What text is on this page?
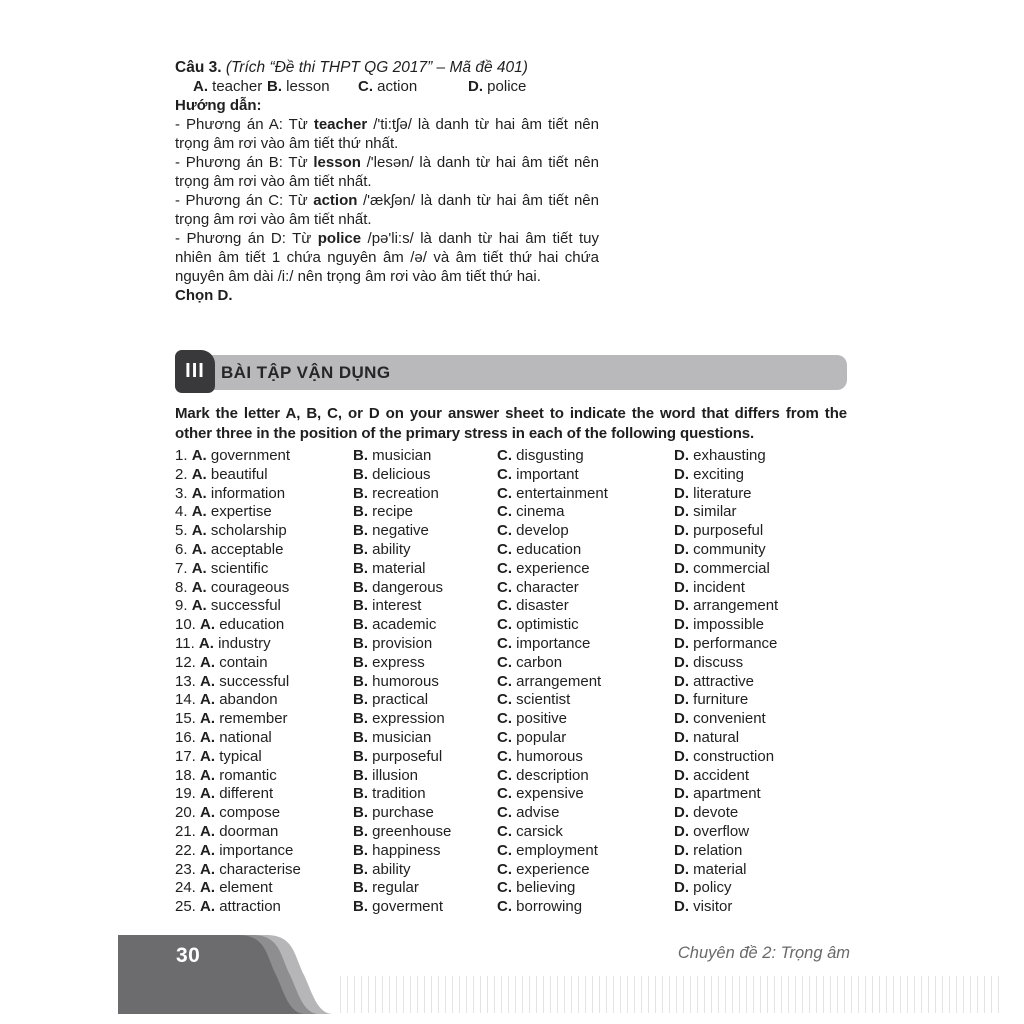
Câu 3. (Trích “Đề thi THPT QG 2017” – Mã đề 401)

A. teacher B. lesson C. action	D. police

Hướng dẫn:

- Phương án A: Từ teacher /'ti:tʃə/ là danh từ hai âm tiết nên trọng âm rơi vào âm tiết thứ nhất.

- Phương án B: Từ lesson /'lesən/ là danh từ hai âm tiết nên trọng âm rơi vào âm tiết nhất.

- Phương án C: Từ action /'ækʃən/ là danh từ hai âm tiết nên trọng âm rơi vào âm tiết nhất.

- Phương án D: Từ police /pə'li:s/ là danh từ hai âm tiết tuy nhiên âm tiết 1 chứa nguyên âm /ə/ và âm tiết thứ hai chứa nguyên âm dài /i:/ nên trọng âm rơi vào âm tiết thứ hai.

Chọn D.

BÀI TẬP VẬN DỤNG
III

Mark the letter A, B, C, or D on your answer sheet to indicate the word that differs from the other three in the position of the primary stress in each of the following questions.

1. A. government	B. musician	C. disgusting	D. exhausting
2. A. beautiful	B. delicious	C. important	D. exciting
3. A. information	B. recreation	C. entertainment	D. literature
4. A. expertise	B. recipe	C. cinema	D. similar
5. A. scholarship	B. negative	C. develop	D. purposeful
6. A. acceptable	B. ability	C. education	D. community
7. A. scientific	B. material	C. experience	D. commercial
8. A. courageous	B. dangerous	C. character	D. incident
9. A. successful	B. interest	C. disaster	D. arrangement
10. A. education	B. academic	C. optimistic	D. impossible
11. A. industry	B. provision	C. importance	D. performance
12. A. contain	B. express	C. carbon	D. discuss
13. A. successful	B. humorous	C. arrangement	D. attractive
14. A. abandon	B. practical	C. scientist	D. furniture
15. A. remember	B. expression	C. positive	D. convenient
16. A. national	B. musician	C. popular	D. natural
17. A. typical	B. purposeful	C. humorous	D. construction
18. A. romantic	B. illusion	C. description	D. accident
19. A. different	B. tradition	C. expensive	D. apartment
20. A. compose	B. purchase	C. advise	D. devote
21. A. doorman	B. greenhouse	C. carsick	D. overflow
22. A. importance	B. happiness	C. employment	D. relation
23. A. characterise	B. ability	C. experience	D. material
24. A. element	B. regular	C. believing	D. policy
25. A. attraction	B. goverment	C. borrowing	D. visitor
30	Chuyên đề 2: Trọng âm
